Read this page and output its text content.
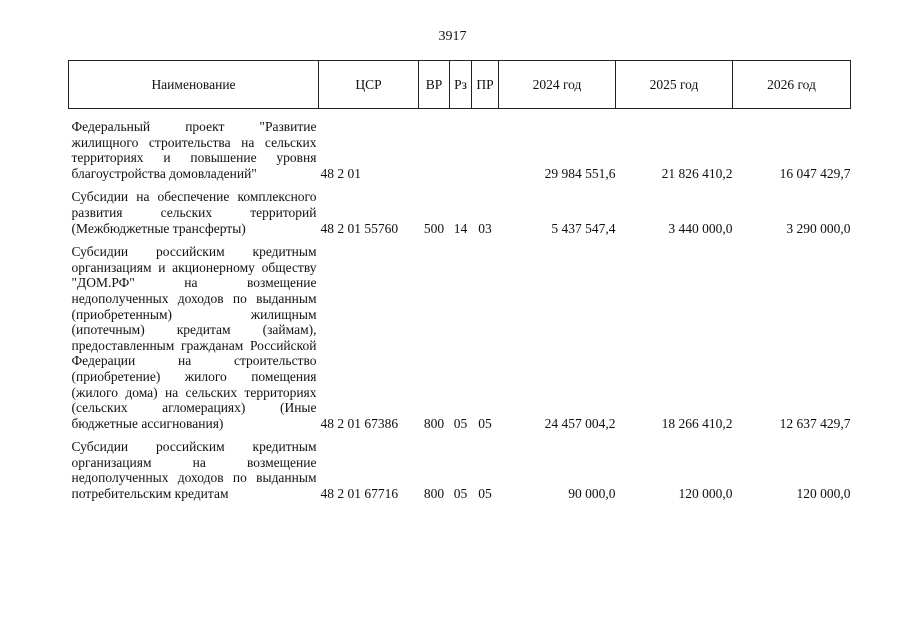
3917
Наименование	ЦСР	ВР	Рз	ПР	2024 год	2025 год	2026 год
Федеральный проект "Развитие жилищного строительства на сельских территориях и повышение уровня благоустройства домовладений"	48 2 01				29 984 551,6	21 826 410,2	16 047 429,7
Субсидии на обеспечение комплексного развития сельских территорий (Межбюджетные трансферты)	48 2 01 55760	500	14	03	5 437 547,4	3 440 000,0	3 290 000,0
Субсидии российским кредитным организациям и акционерному обществу "ДОМ.РФ" на возмещение недополученных доходов по выданным (приобретенным) жилищным (ипотечным) кредитам (займам), предоставленным гражданам Российской Федерации на строительство (приобретение) жилого помещения (жилого дома) на сельских территориях (сельских агломерациях) (Иные бюджетные ассигнования)	48 2 01 67386	800	05	05	24 457 004,2	18 266 410,2	12 637 429,7
Субсидии российским кредитным организациям на возмещение недополученных доходов по выданным потребительским кредитам	48 2 01 67716	800	05	05	90 000,0	120 000,0	120 000,0
